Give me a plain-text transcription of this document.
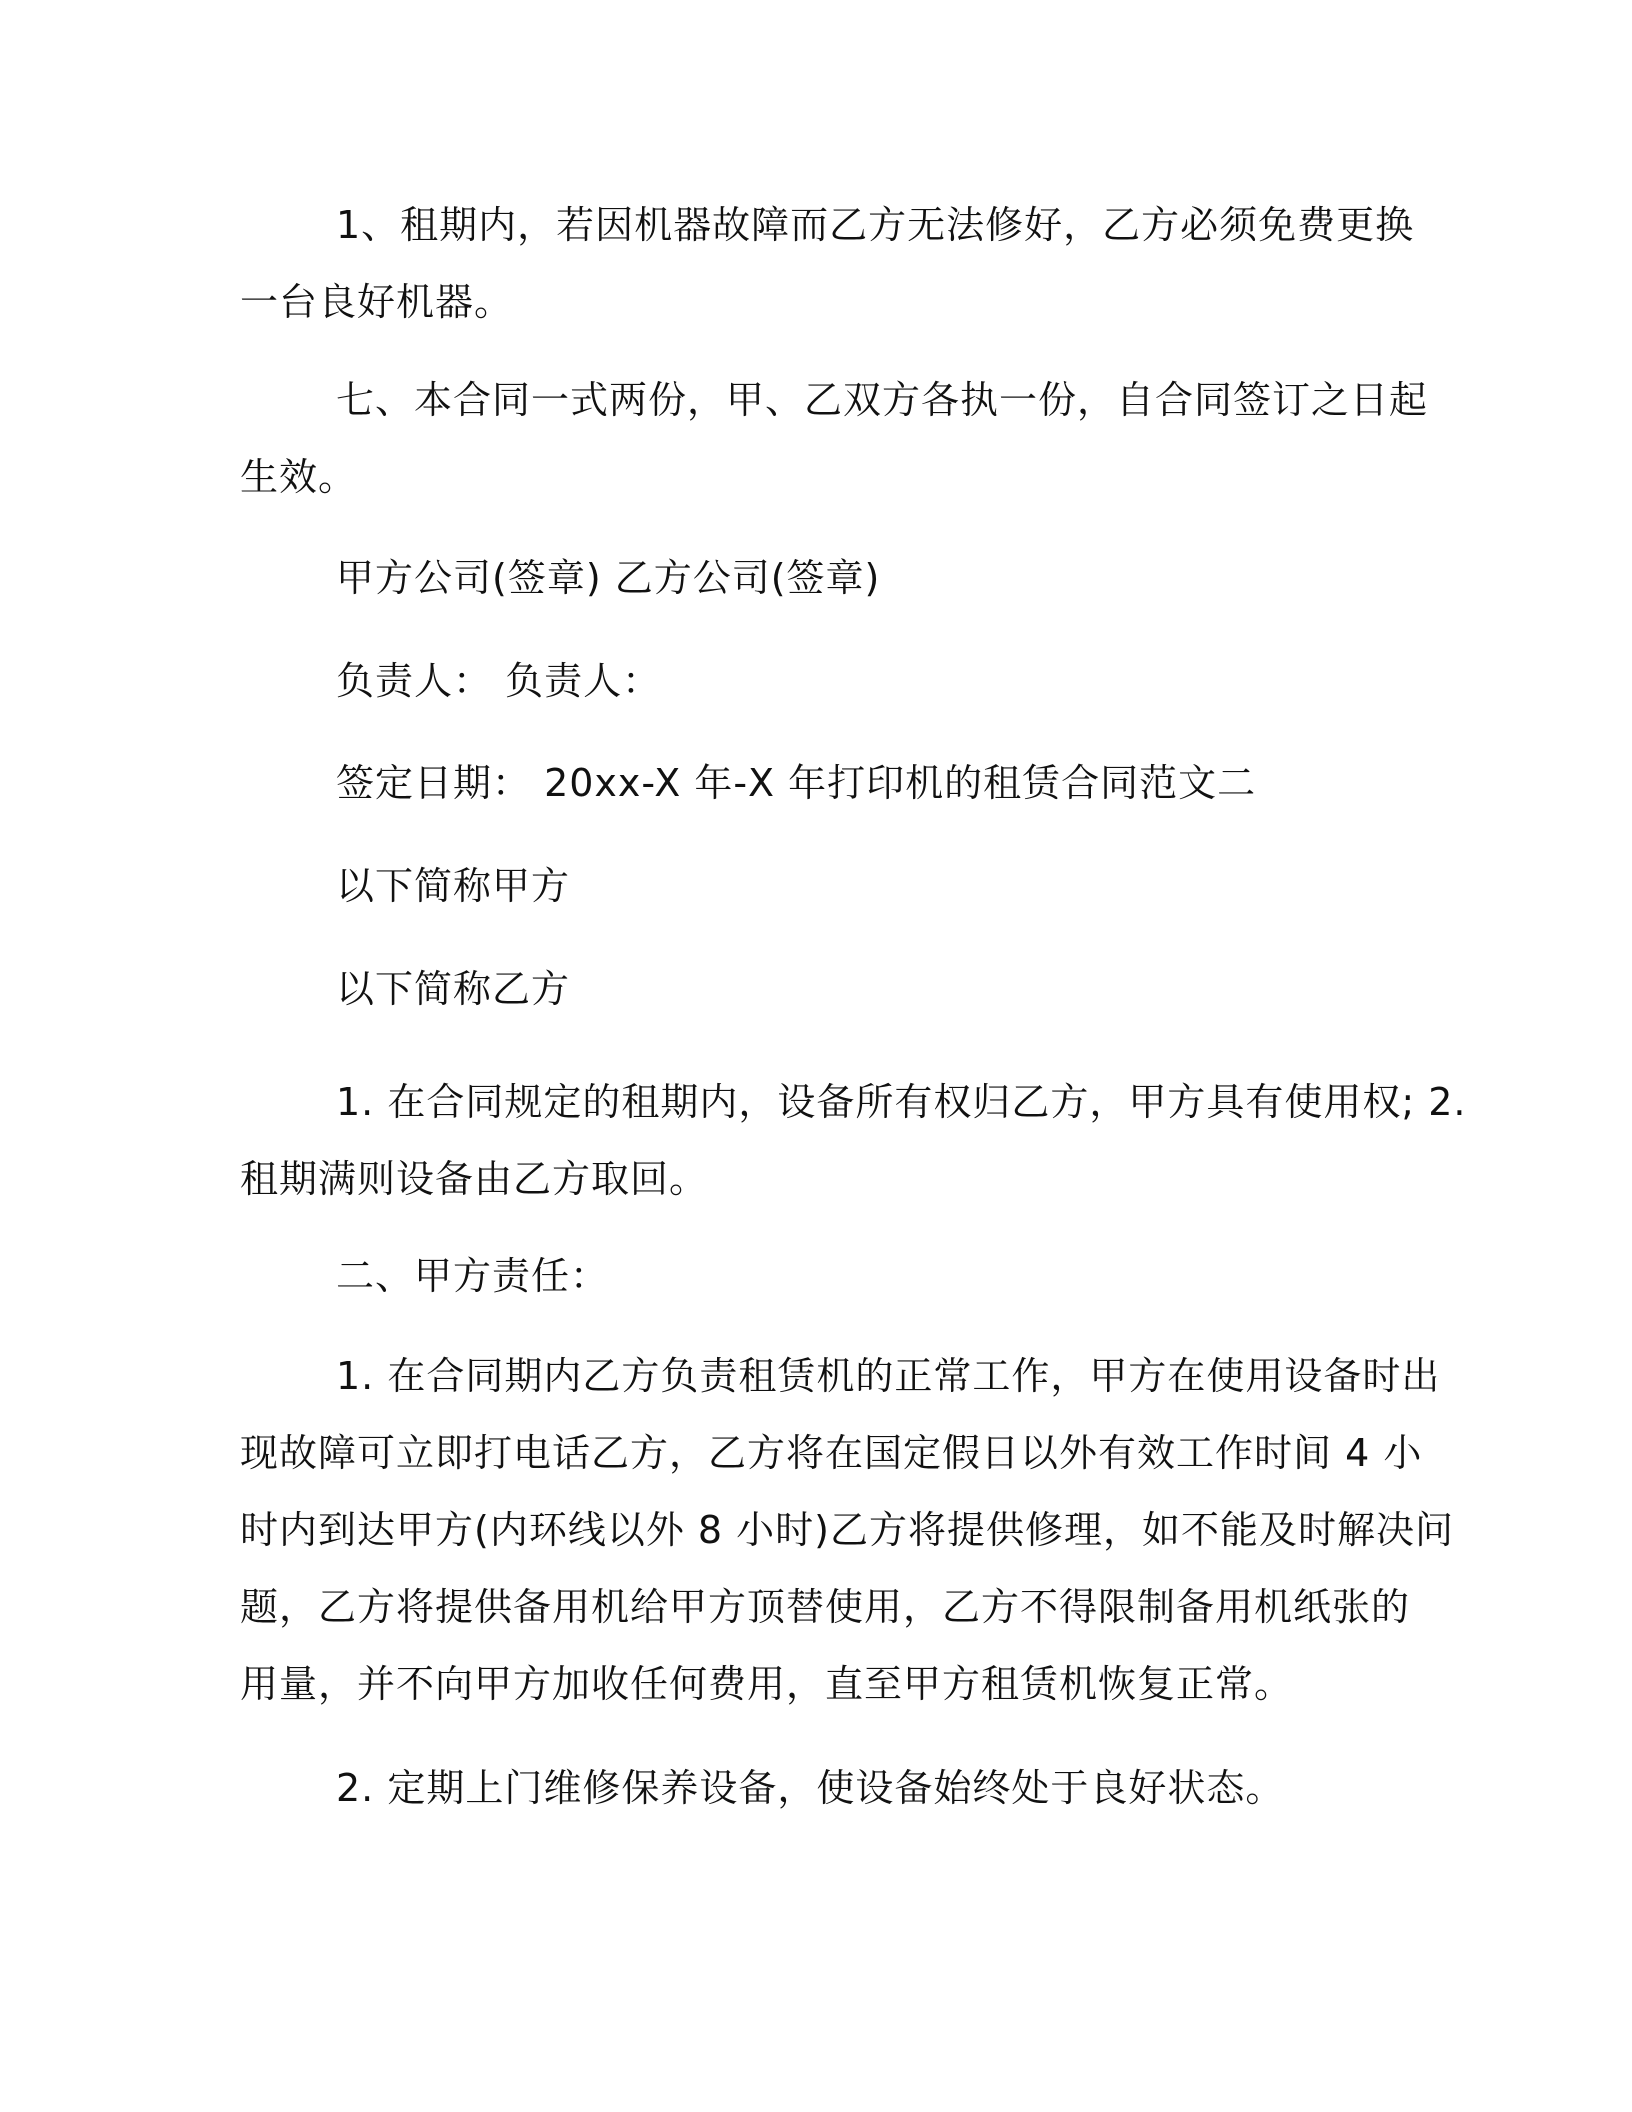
1、租期内，若因机器故障而乙方无法修好，乙方必须免费更换
一台良好机器。

七、本合同一式两份，甲、乙双方各执一份，自合同签订之日起
生效。

甲方公司(签章) 乙方公司(签章)

负责人： 负责人：

签定日期： 20xx-X 年-X 年打印机的租赁合同范文二

以下简称甲方

以下简称乙方

1. 在合同规定的租期内，设备所有权归乙方，甲方具有使用权; 2.
租期满则设备由乙方取回。

二、甲方责任：

1. 在合同期内乙方负责租赁机的正常工作，甲方在使用设备时出
现故障可立即打电话乙方，乙方将在国定假日以外有效工作时间 4 小
时内到达甲方(内环线以外 8 小时)乙方将提供修理，如不能及时解决问
题，乙方将提供备用机给甲方顶替使用，乙方不得限制备用机纸张的
用量，并不向甲方加收任何费用，直至甲方租赁机恢复正常。

2. 定期上门维修保养设备，使设备始终处于良好状态。
